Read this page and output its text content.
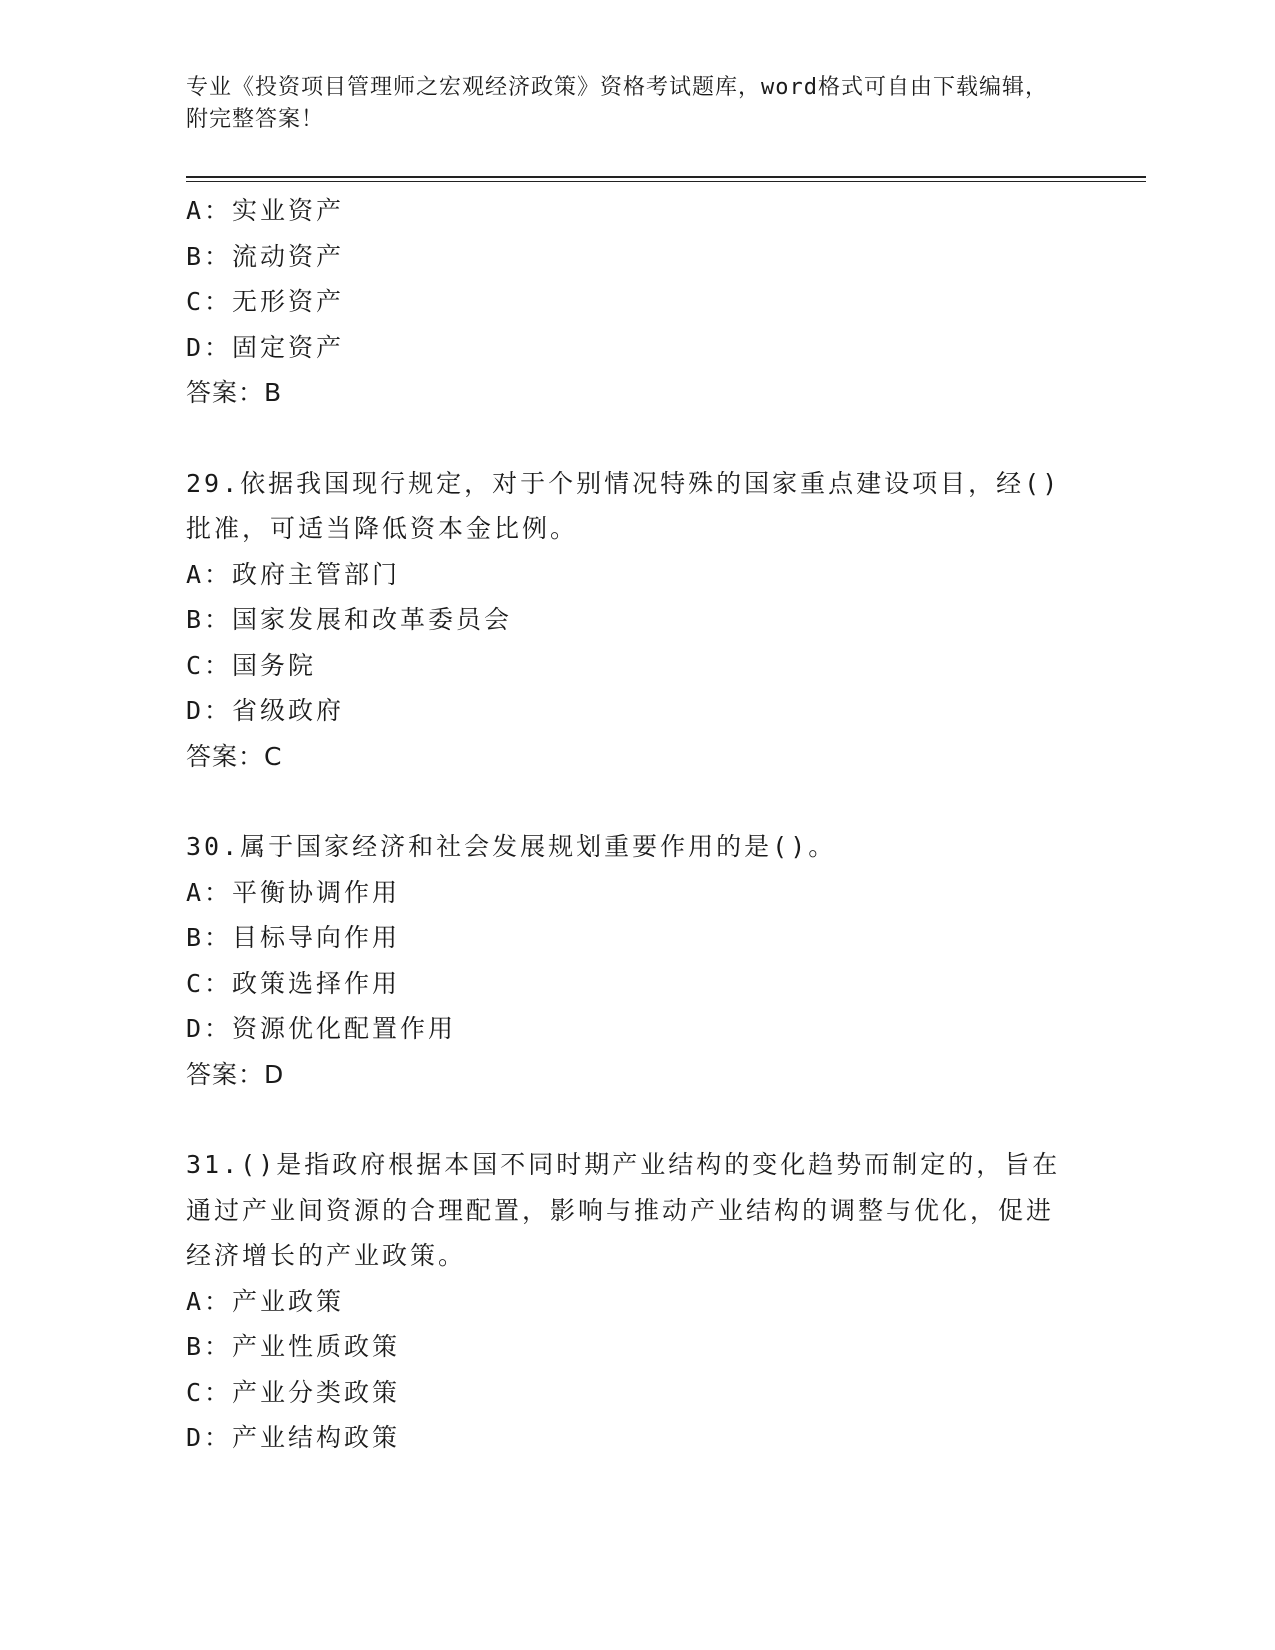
专业《投资项目管理师之宏观经济政策》资格考试题库，word格式可自由下载编辑，附完整答案！
A：实业资产
B：流动资产
C：无形资产
D：固定资产
答案：B
29.依据我国现行规定，对于个别情况特殊的国家重点建设项目，经()批准，可适当降低资本金比例。
A：政府主管部门
B：国家发展和改革委员会
C：国务院
D：省级政府
答案：C
30.属于国家经济和社会发展规划重要作用的是()。
A：平衡协调作用
B：目标导向作用
C：政策选择作用
D：资源优化配置作用
答案：D
31.()是指政府根据本国不同时期产业结构的变化趋势而制定的，旨在通过产业间资源的合理配置，影响与推动产业结构的调整与优化，促进经济增长的产业政策。
A：产业政策
B：产业性质政策
C：产业分类政策
D：产业结构政策
